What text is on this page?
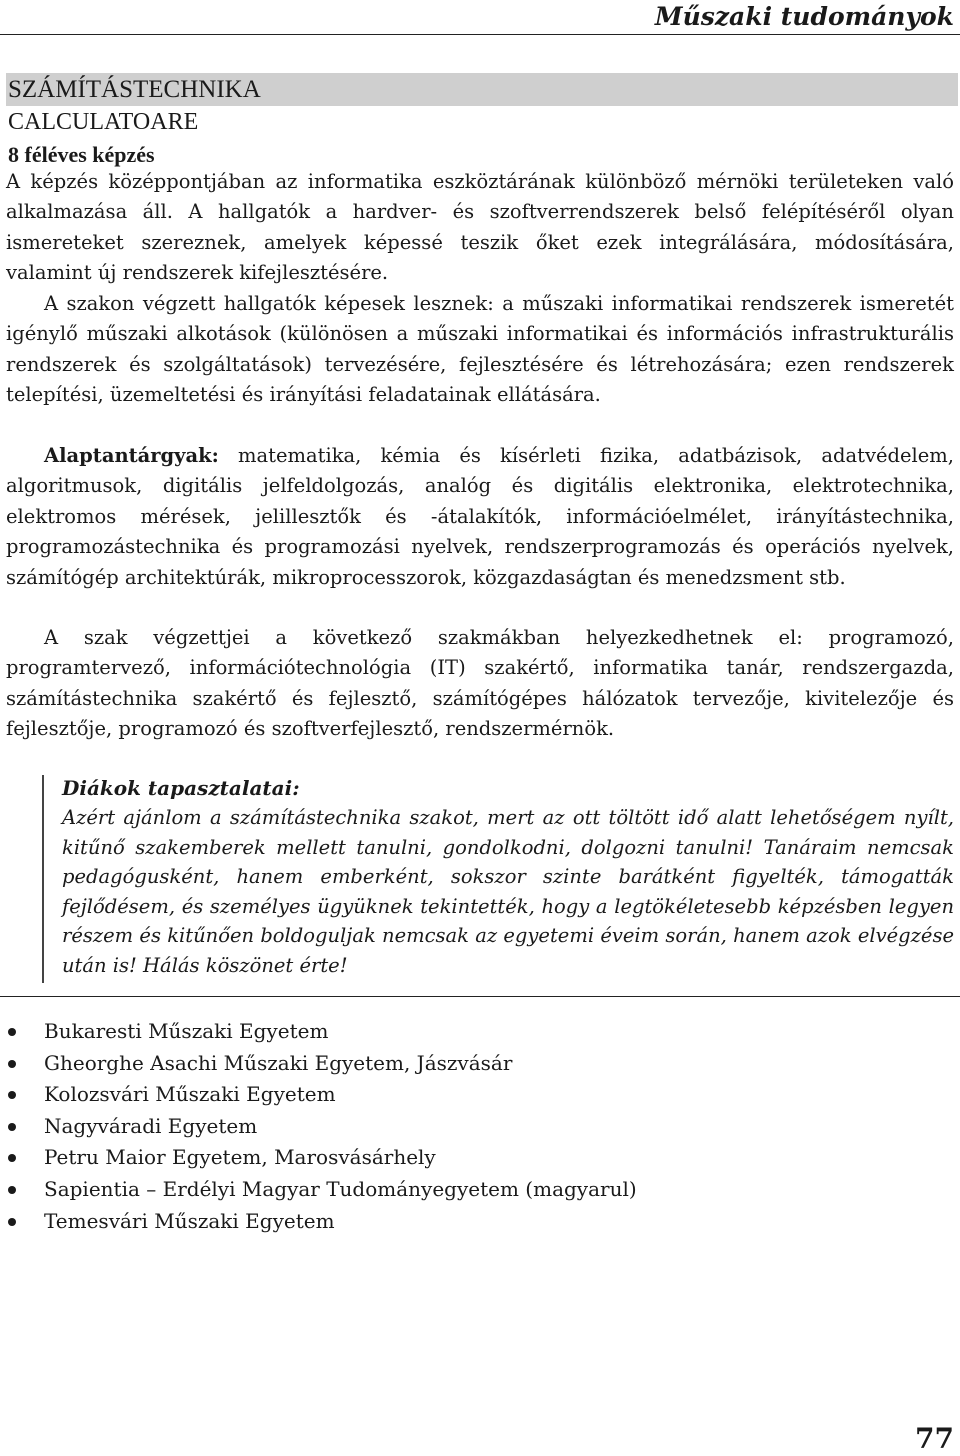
Műszaki tudományok
SZÁMÍTÁSTECHNIKA
CALCULATOARE
8 féléves képzés

A képzés középpontjában az informatika eszköztárának különböző mérnöki területeken való alkalmazása áll. A hallgatók a hardver- és szoftverrendszerek belső felépítéséről olyan ismereteket szereznek, amelyek képessé teszik őket ezek integrálására, módosítására, valamint új rendszerek kifejlesztésére.

A szakon végzett hallgatók képesek lesznek: a műszaki informatikai rendszerek ismeretét igénylő műszaki alkotások (különösen a műszaki informatikai és információs infrastrukturális rendszerek és szolgáltatások) tervezésére, fejlesztésére és létrehozására; ezen rendszerek telepítési, üzemeltetési és irányítási feladatainak ellátására.

Alaptantárgyak: matematika, kémia és kísérleti fizika, adatbázisok, adatvédelem, algoritmusok, digitális jelfeldolgozás, analóg és digitális elektronika, elektrotechnika, elektromos mérések, jelillesztők és -átalakítók, információelmélet, irányítástechnika, programozástechnika és programozási nyelvek, rendszerprogramozás és operációs nyelvek, számítógép architektúrák, mikroprocesszorok, közgazdaságtan és menedzsment stb.

A szak végzettjei a következő szakmákban helyezkedhetnek el: programozó, programtervező, információtechnológia (IT) szakértő, informatika tanár, rendszergazda, számítástechnika szakértő és fejlesztő, számítógépes hálózatok tervezője, kivitelezője és fejlesztője, programozó és szoftverfejlesztő, rendszermérnök.

Diákok tapasztalatai:

Azért ajánlom a számítástechnika szakot, mert az ott töltött idő alatt lehetőségem nyílt, kitűnő szakemberek mellett tanulni, gondolkodni, dolgozni tanulni! Tanáraim nemcsak pedagógusként, hanem emberként, sokszor szinte barátként figyelték, támogatták fejlődésem, és személyes ügyüknek tekintették, hogy a legtökéletesebb képzésben legyen részem és kitűnően boldoguljak nemcsak az egyetemi éveim során, hanem azok elvégzése után is! Hálás köszönet érte!

Bukaresti Műszaki Egyetem
Gheorghe Asachi Műszaki Egyetem, Jászvásár
Kolozsvári Műszaki Egyetem
Nagyváradi Egyetem
Petru Maior Egyetem, Marosvásárhely
Sapientia – Erdélyi Magyar Tudományegyetem (magyarul)
Temesvári Műszaki Egyetem
77
